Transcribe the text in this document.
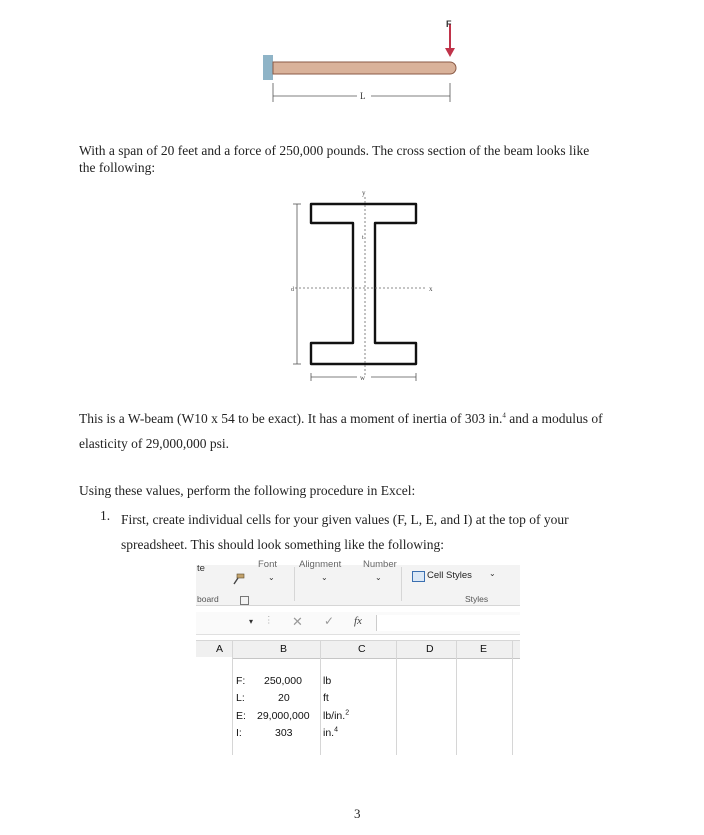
F
L
With a span of 20 feet and a force of 250,000 pounds. The cross section of the beam looks like
the following:
y
x
t
d
w
This is a W-beam (W10 x 54 to be exact). It has a moment of inertia of 303 in.$^4$ and a modulus of
elasticity of 29,000,000 psi.
Using these values, perform the following procedure in Excel:
1. First, create individual cells for your given values (F, L, E, and I) at the top of your
spreadsheet. This should look something like the following:
te	Font
⌄
Alignment
⌄
Number
⌄	Cell Styles ⌄
Styles
board
▾ ⋮ ✕ ✓ fx
A	B	C	D	E
F: 250,000 lb
L:	20	ft
E: 29,000,000 lb/in.$^2$
I:	303	in.$^4$
3
